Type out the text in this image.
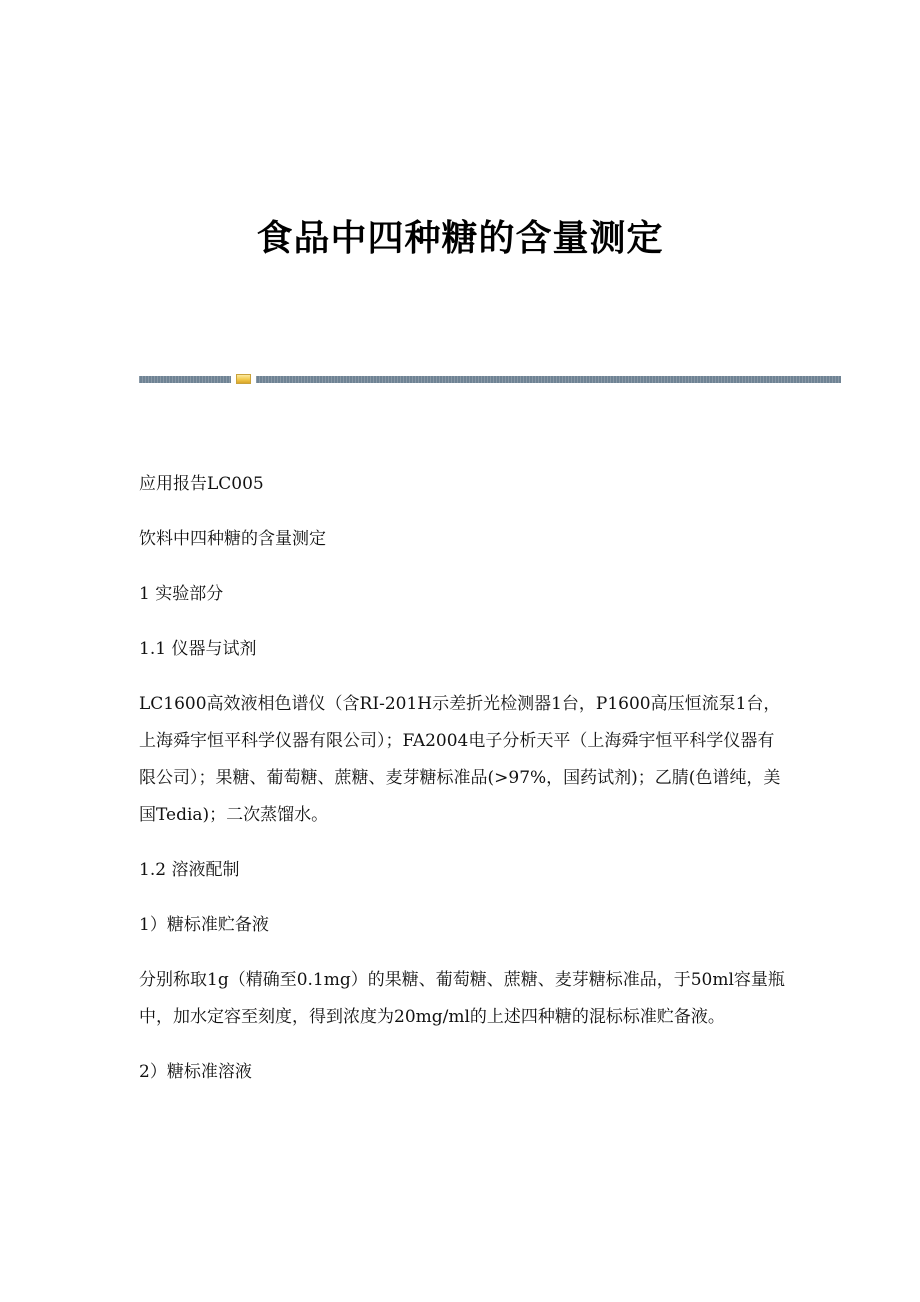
食品中四种糖的含量测定

应用报告LC005

饮料中四种糖的含量测定

1 实验部分

1.1 仪器与试剂

LC1600高效液相色谱仪（含RI-201H示差折光检测器1台，P1600高压恒流泵1台，上海舜宇恒平科学仪器有限公司）；FA2004电子分析天平（上海舜宇恒平科学仪器有限公司）；果糖、葡萄糖、蔗糖、麦芽糖标准品(>97%，国药试剂)；乙腈(色谱纯，美国Tedia)；二次蒸馏水。

1.2 溶液配制

1）糖标准贮备液

分别称取1g（精确至0.1mg）的果糖、葡萄糖、蔗糖、麦芽糖标准品，于50ml容量瓶中，加水定容至刻度，得到浓度为20mg/ml的上述四种糖的混标标准贮备液。

2）糖标准溶液
